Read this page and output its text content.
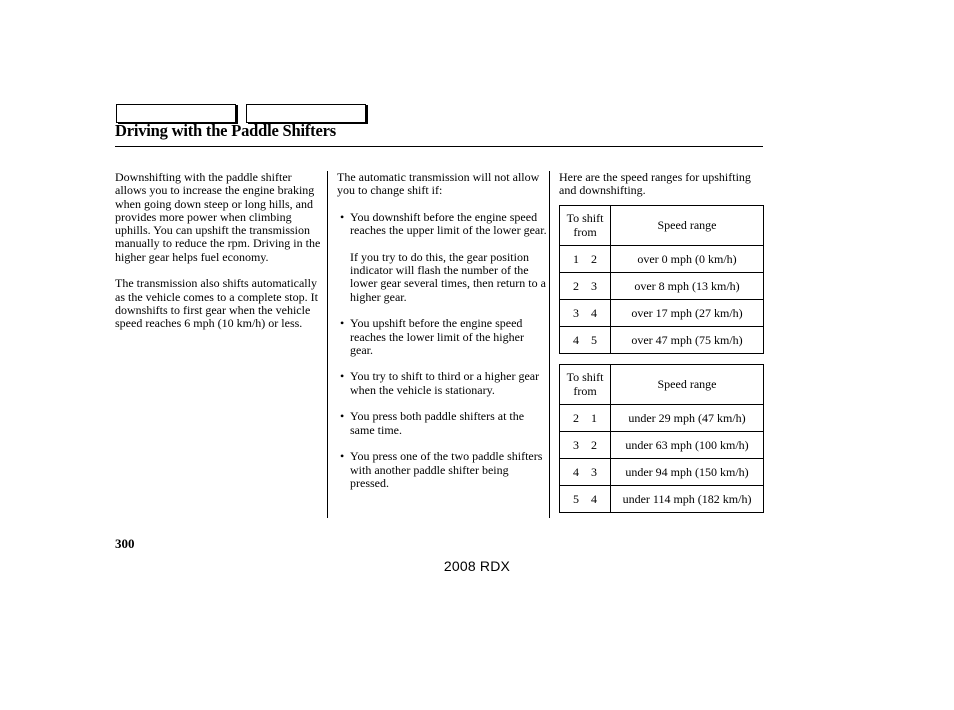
Driving with the Paddle Shifters

Downshifting with the paddle shifter allows you to increase the engine braking when going down steep or long hills, and provides more power when climbing uphills. You can upshift the transmission manually to reduce the rpm. Driving in the higher gear helps fuel economy.

The transmission also shifts automatically as the vehicle comes to a complete stop. It downshifts to first gear when the vehicle speed reaches 6 mph (10 km/h) or less.

The automatic transmission will not allow you to change shift if:

• You downshift before the engine speed reaches the upper limit of the lower gear.

If you try to do this, the gear position indicator will flash the number of the lower gear several times, then return to a higher gear.

• You upshift before the engine speed reaches the lower limit of the higher gear.
• You try to shift to third or a higher gear when the vehicle is stationary.
• You press both paddle shifters at the same time.
• You press one of the two paddle shifters with another paddle shifter being pressed.

Here are the speed ranges for upshifting and downshifting.

To shift
from	Speed range
1 2	over 0 mph (0 km/h)
2 3	over 8 mph (13 km/h)
3 4	over 17 mph (27 km/h)
4 5	over 47 mph (75 km/h)
To shift
from	Speed range
2 1	under 29 mph (47 km/h)
3 2	under 63 mph (100 km/h)
4 3	under 94 mph (150 km/h)
5 4	under 114 mph (182 km/h)
300
2008 RDX
